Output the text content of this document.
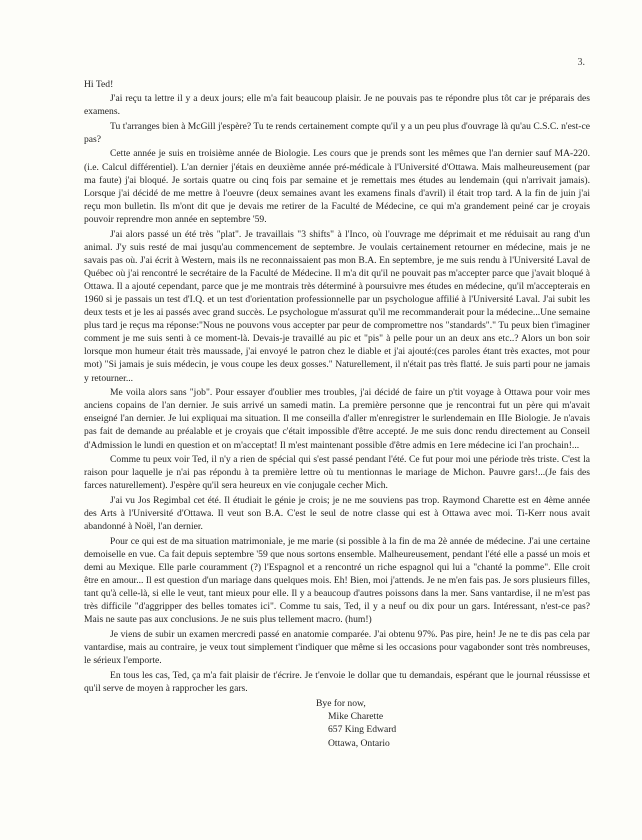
3.

Hi Ted!

J'ai reçu ta lettre il y a deux jours; elle m'a fait beaucoup plaisir. Je ne pouvais pas te répondre plus tôt car je préparais des examens.

Tu t'arranges bien à McGill j'espère? Tu te rends certainement compte qu'il y a un peu plus d'ouvrage là qu'au C.S.C. n'est-ce pas?

Cette année je suis en troisième année de Biologie. Les cours que je prends sont les mêmes que l'an dernier sauf MA-220. (i.e. Calcul différentiel). L'an dernier j'étais en deuxième année pré-médicale à l'Université d'Ottawa. Mais malheureusement (par ma faute) j'ai bloqué. Je sortais quatre ou cinq fois par semaine et je remettais mes études au lendemain (qui n'arrivait jamais). Lorsque j'ai décidé de me mettre à l'oeuvre (deux semaines avant les examens finals d'avril) il était trop tard. A la fin de juin j'ai reçu mon bulletin. Ils m'ont dit que je devais me retirer de la Faculté de Médecine, ce qui m'a grandement peiné car je croyais pouvoir reprendre mon année en septembre '59.

J'ai alors passé un été très "plat". Je travaillais "3 shifts" à l'Inco, où l'ouvrage me déprimait et me réduisait au rang d'un animal. J'y suis resté de mai jusqu'au commencement de septembre. Je voulais certainement retourner en médecine, mais je ne savais pas où. J'ai écrit à Western, mais ils ne reconnaissaient pas mon B.A. En septembre, je me suis rendu à l'Université Laval de Québec où j'ai rencontré le secrétaire de la Faculté de Médecine. Il m'a dit qu'il ne pouvait pas m'accepter parce que j'avait bloqué à Ottawa. Il a ajouté cependant, parce que je me montrais très déterminé à poursuivre mes études en médecine, qu'il m'accepterais en 1960 si je passais un test d'I.Q. et un test d'orientation professionnelle par un psychologue affilié à l'Université Laval. J'ai subit les deux tests et je les ai passés avec grand succès. Le psychologue m'assurat qu'il me recommanderait pour la médecine...Une semaine plus tard je reçus ma réponse:"Nous ne pouvons vous accepter par peur de compromettre nos "standards"." Tu peux bien t'imaginer comment je me suis senti à ce moment-là. Devais-je travaillé au pic et "pis" à pelle pour un an deux ans etc..? Alors un bon soir lorsque mon humeur était très maussade, j'ai envoyé le patron chez le diable et j'ai ajouté:(ces paroles étant très exactes, mot pour mot) "Si jamais je suis médecin, je vous coupe les deux gosses." Naturellement, il n'était pas très flatté. Je suis parti pour ne jamais y retourner...

Me voila alors sans "job". Pour essayer d'oublier mes troubles, j'ai décidé de faire un p'tit voyage à Ottawa pour voir mes anciens copains de l'an dernier. Je suis arrivé un samedi matin. La première personne que je rencontrai fut un père qui m'avait enseigné l'an dernier. Je lui expliquai ma situation. Il me conseilla d'aller m'enregistrer le surlendemain en IIIe Biologie. Je n'avais pas fait de demande au préalable et je croyais que c'était impossible d'être accepté. Je me suis donc rendu directement au Conseil d'Admission le lundi en question et on m'acceptat! Il m'est maintenant possible d'être admis en 1ere médecine ici l'an prochain!...

Comme tu peux voir Ted, il n'y a rien de spécial qui s'est passé pendant l'été. Ce fut pour moi une période très triste. C'est la raison pour laquelle je n'ai pas répondu à ta première lettre où tu mentionnas le mariage de Michon. Pauvre gars!...(Je fais des farces naturellement). J'espère qu'il sera heureux en vie conjugale cecher Mich.

J'ai vu Jos Regimbal cet été. Il étudiait le génie je crois; je ne me souviens pas trop. Raymond Charette est en 4ème année des Arts à l'Université d'Ottawa. Il veut son B.A. C'est le seul de notre classe qui est à Ottawa avec moi. Ti-Kerr nous avait abandonné à Noël, l'an dernier.

Pour ce qui est de ma situation matrimoniale, je me marie (si possible à la fin de ma 2è année de médecine. J'ai une certaine demoiselle en vue. Ca fait depuis septembre '59 que nous sortons ensemble. Malheureusement, pendant l'été elle a passé un mois et demi au Mexique. Elle parle couramment (?) l'Espagnol et a rencontré un riche espagnol qui lui a "chanté la pomme". Elle croit être en amour... Il est question d'un mariage dans quelques mois. Eh! Bien, moi j'attends. Je ne m'en fais pas. Je sors plusieurs filles, tant qu'à celle-là, si elle le veut, tant mieux pour elle. Il y a beaucoup d'autres poissons dans la mer. Sans vantardise, il ne m'est pas très difficile "d'aggripper des belles tomates ici". Comme tu sais, Ted, il y a neuf ou dix pour un gars. Intéressant, n'est-ce pas? Mais ne saute pas aux conclusions. Je ne suis plus tellement macro. (hum!)

Je viens de subir un examen mercredi passé en anatomie comparée. J'ai obtenu 97%. Pas pire, hein! Je ne te dis pas cela par vantardise, mais au contraire, je veux tout simplement t'indiquer que même si les occasions pour vagabonder sont très nombreuses, le sérieux l'emporte.

En tous les cas, Ted, ça m'a fait plaisir de t'écrire. Je t'envoie le dollar que tu demandais, espérant que le journal réussisse et qu'il serve de moyen à rapprocher les gars.

Bye for now,
Mike Charette
657 King Edward
Ottawa, Ontario
